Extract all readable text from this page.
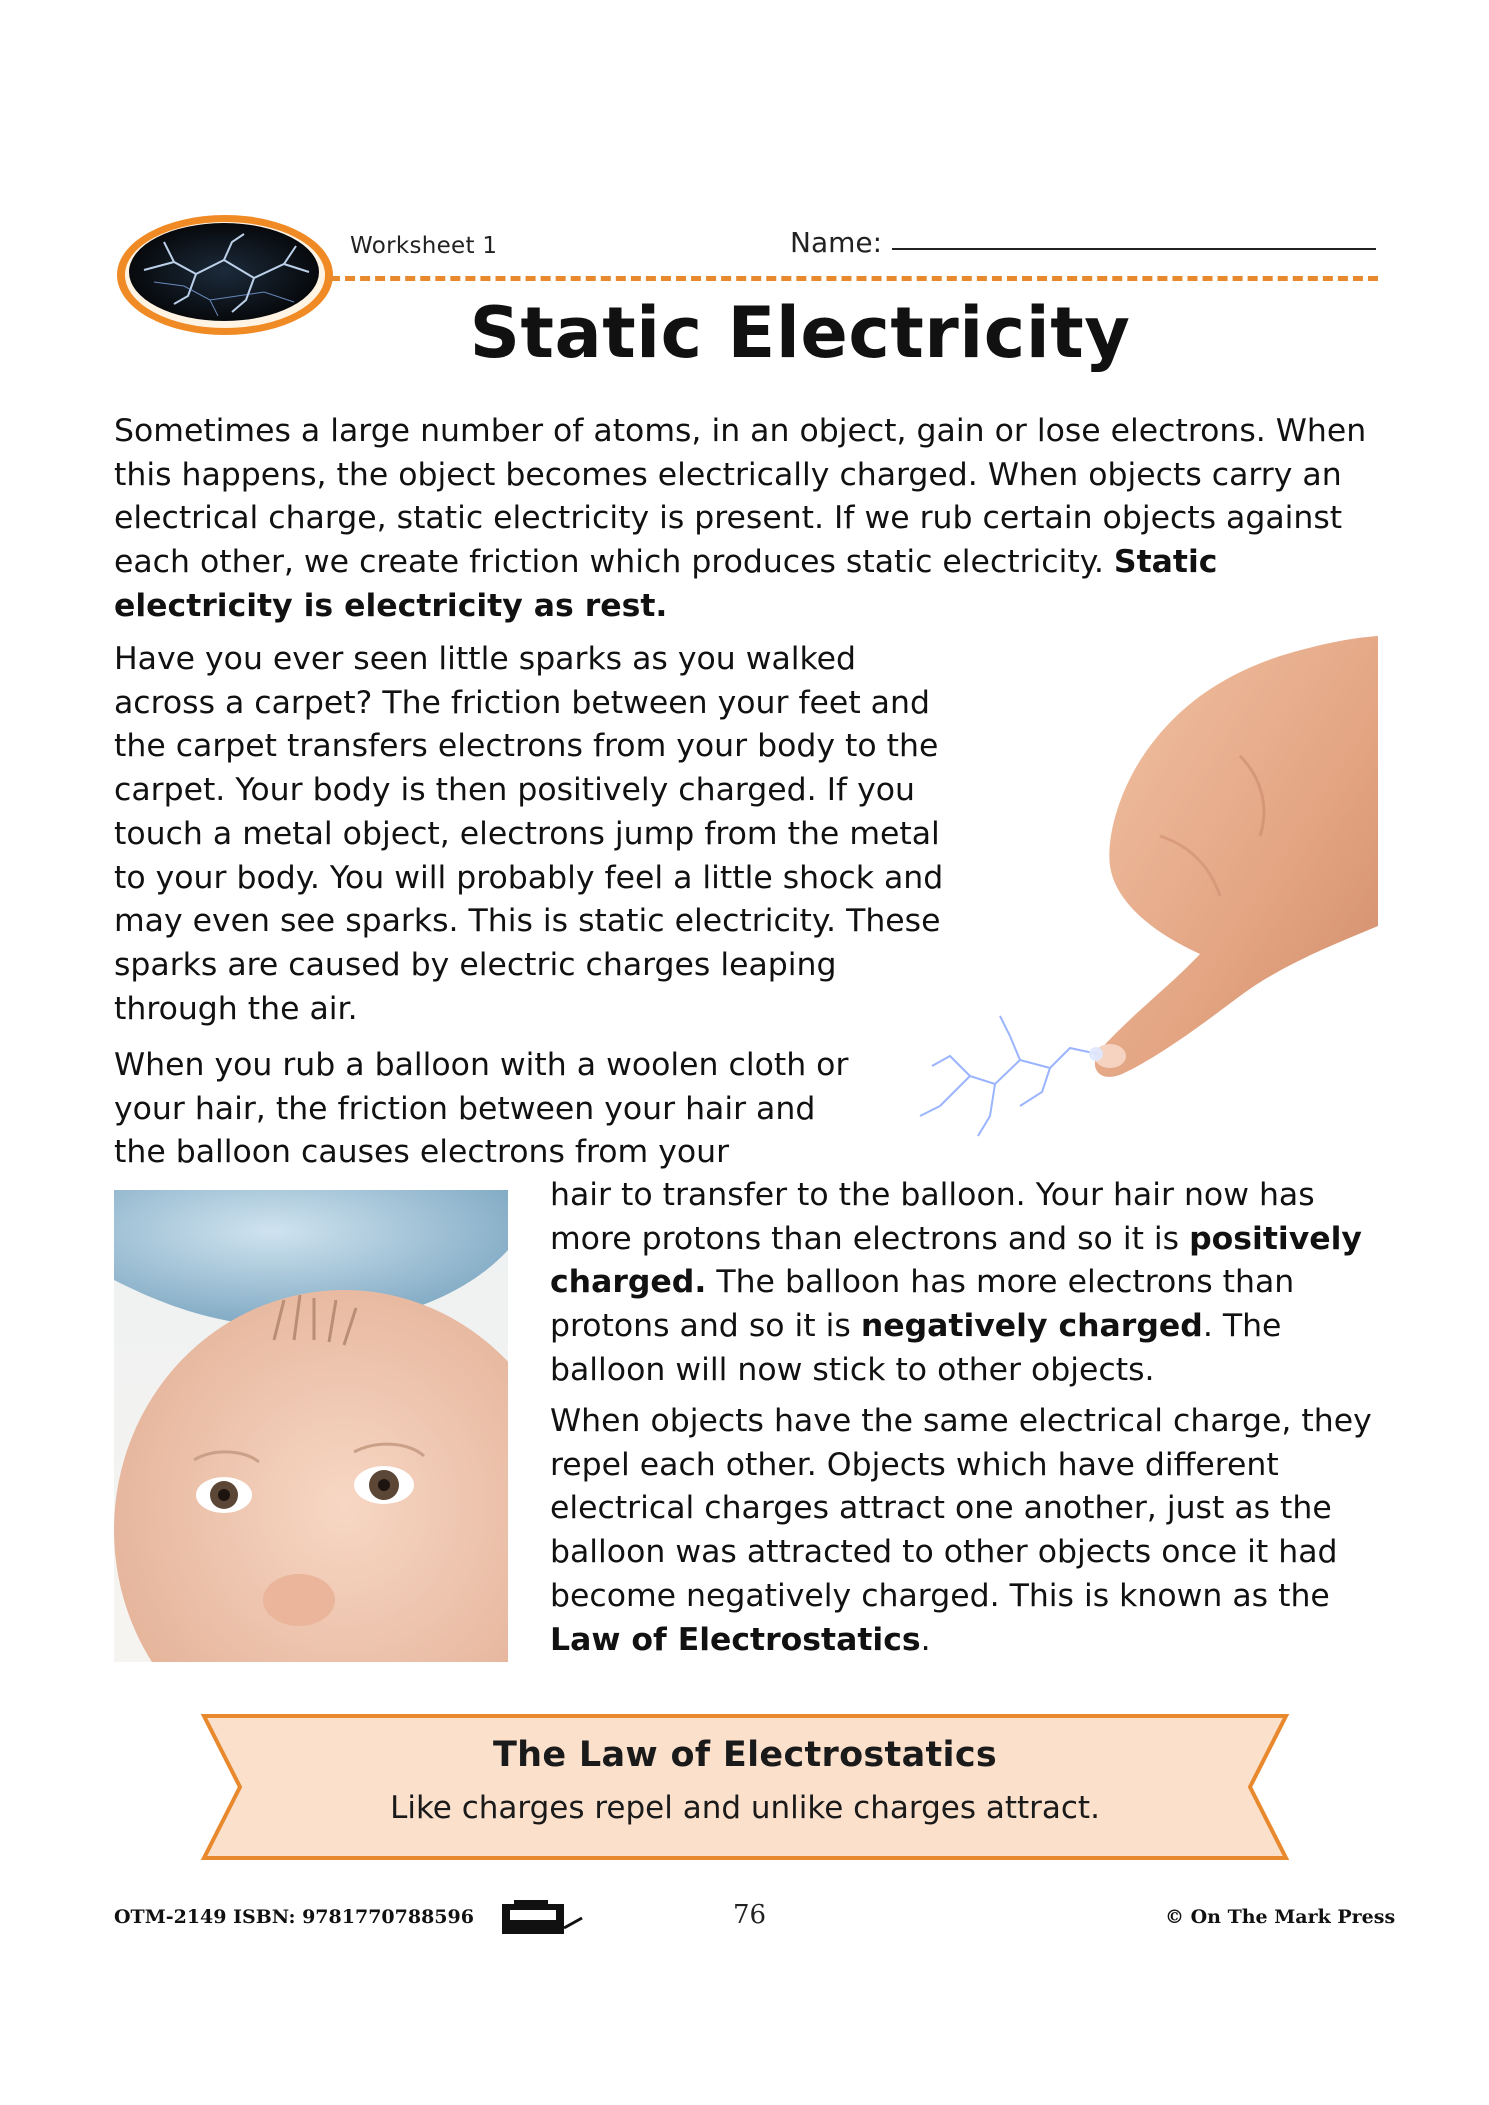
Worksheet 1	Name:
Static Electricity
Sometimes a large number of atoms, in an object, gain or lose electrons. When this happens, the object becomes electrically charged. When objects carry an electrical charge, static electricity is present. If we rub certain objects against each other, we create friction which produces static electricity. Static electricity is electricity as rest.
Have you ever seen little sparks as you walked across a carpet? The friction between your feet and the carpet transfers electrons from your body to the carpet. Your body is then positively charged. If you touch a metal object, electrons jump from the metal to your body. You will probably feel a little shock and may even see sparks. This is static electricity. These sparks are caused by electric charges leaping through the air.
When you rub a balloon with a woolen cloth or your hair, the friction between your hair and the balloon causes electrons from your
hair to transfer to the balloon. Your hair now has more protons than electrons and so it is positively charged. The balloon has more electrons than protons and so it is negatively charged. The balloon will now stick to other objects.
When objects have the same electrical charge, they repel each other. Objects which have different electrical charges attract one another, just as the balloon was attracted to other objects once it had become negatively charged. This is known as the Law of Electrostatics.
The Law of Electrostatics
Like charges repel and unlike charges attract.
OTM-2149 ISBN: 9781770788596	76	© On The Mark Press
